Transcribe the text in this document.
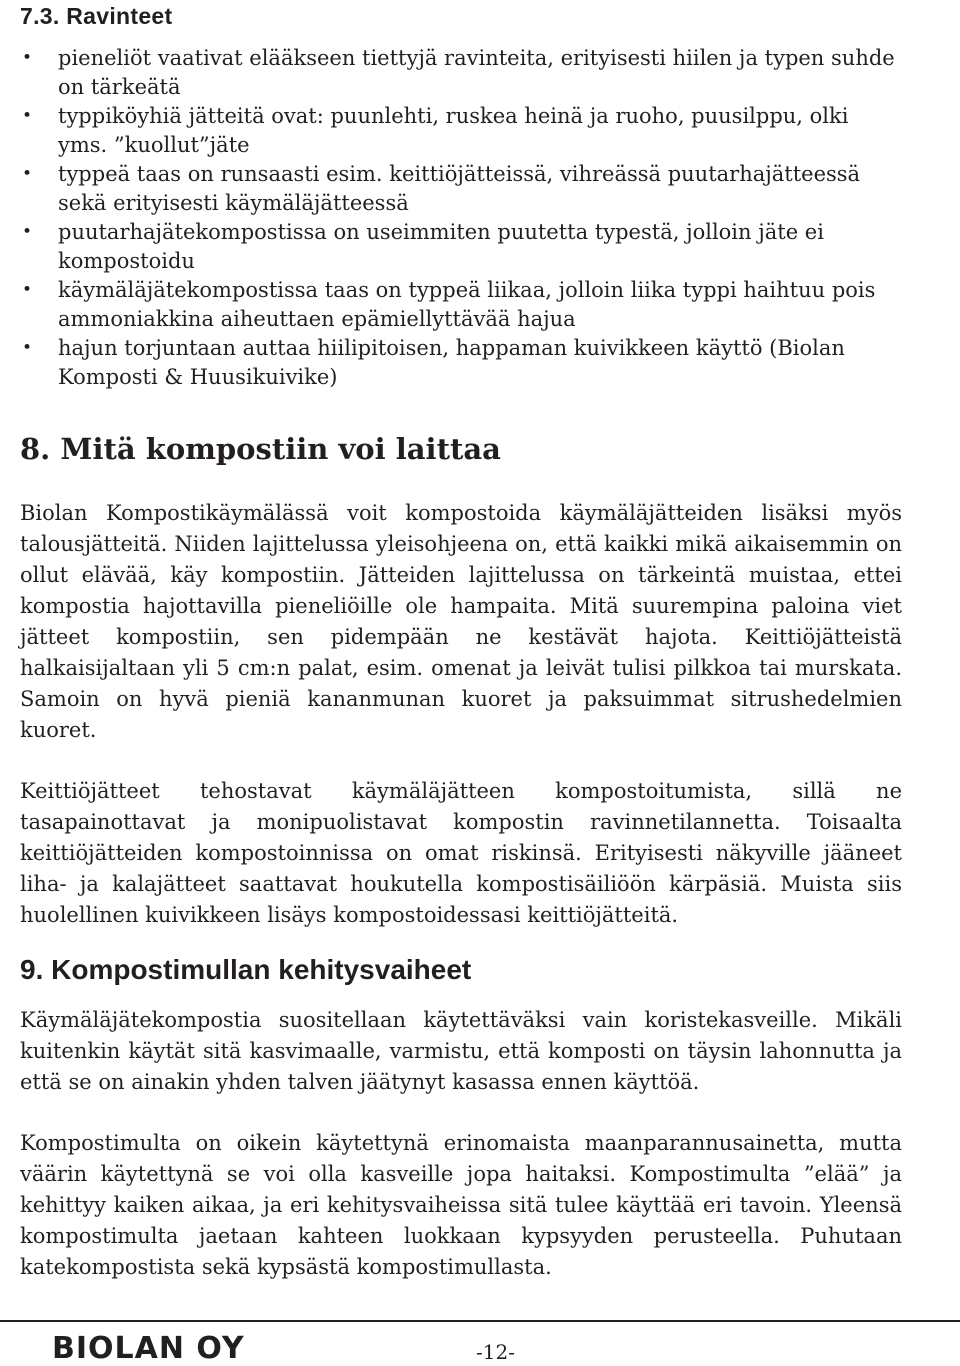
7.3. Ravinteet
• pieneliöt vaativat elääkseen tiettyjä ravinteita, erityisesti hiilen ja typen suhde on tärkeätä
• typpiköyhiä jätteitä ovat: puunlehti, ruskea heinä ja ruoho, puusilppu, olki yms. ”kuollut”jäte
• typpeä taas on runsaasti esim. keittiöjätteissä, vihreässä puutarhajätteessä sekä erityisesti käymäläjätteessä
• puutarhajätekompostissa on useimmiten puutetta typestä, jolloin jäte ei kompostoidu
• käymäläjätekompostissa taas on typpeä liikaa, jolloin liika typpi haihtuu pois ammoniakkina aiheuttaen epämiellyttävää hajua
• hajun torjuntaan auttaa hiilipitoisen, happaman kuivikkeen käyttö (Biolan Komposti & Huusikuivike)
8. Mitä kompostiin voi laittaa

Biolan Kompostikäymälässä voit kompostoida käymäläjätteiden lisäksi myös talousjätteitä. Niiden lajittelussa yleisohjeena on, että kaikki mikä aikaisemmin on ollut elävää, käy kompostiin. Jätteiden lajittelussa on tärkeintä muistaa, ettei kompostia hajottavilla pieneliöille ole hampaita. Mitä suurempina paloina viet jätteet kompostiin, sen pidempään ne kestävät hajota. Keittiöjätteistä halkaisijaltaan yli 5 cm:n palat, esim. omenat ja leivät tulisi pilkkoa tai murskata. Samoin on hyvä pieniä kananmunan kuoret ja paksuimmat sitrushedelmien kuoret.

Keittiöjätteet tehostavat käymäläjätteen kompostoitumista, sillä ne tasapainottavat ja monipuolistavat kompostin ravinnetilannetta. Toisaalta keittiöjätteiden kompostoinnissa on omat riskinsä. Erityisesti näkyville jääneet liha- ja kalajätteet saattavat houkutella kompostisäiliöön kärpäsiä. Muista siis huolellinen kuivikkeen lisäys kompostoidessasi keittiöjätteitä.

9. Kompostimullan kehitysvaiheet

Käymäläjätekompostia suositellaan käytettäväksi vain koristekasveille. Mikäli kuitenkin käytät sitä kasvimaalle, varmistu, että komposti on täysin lahonnutta ja että se on ainakin yhden talven jäätynyt kasassa ennen käyttöä.

Kompostimulta on oikein käytettynä erinomaista maanparannusainetta, mutta väärin käytettynä se voi olla kasveille jopa haitaksi. Kompostimulta ”elää” ja kehittyy kaiken aikaa, ja eri kehitysvaiheissa sitä tulee käyttää eri tavoin. Yleensä kompostimulta jaetaan kahteen luokkaan kypsyyden perusteella. Puhutaan katekompostista sekä kypsästä kompostimullasta.

BIOLAN OY	-12-
